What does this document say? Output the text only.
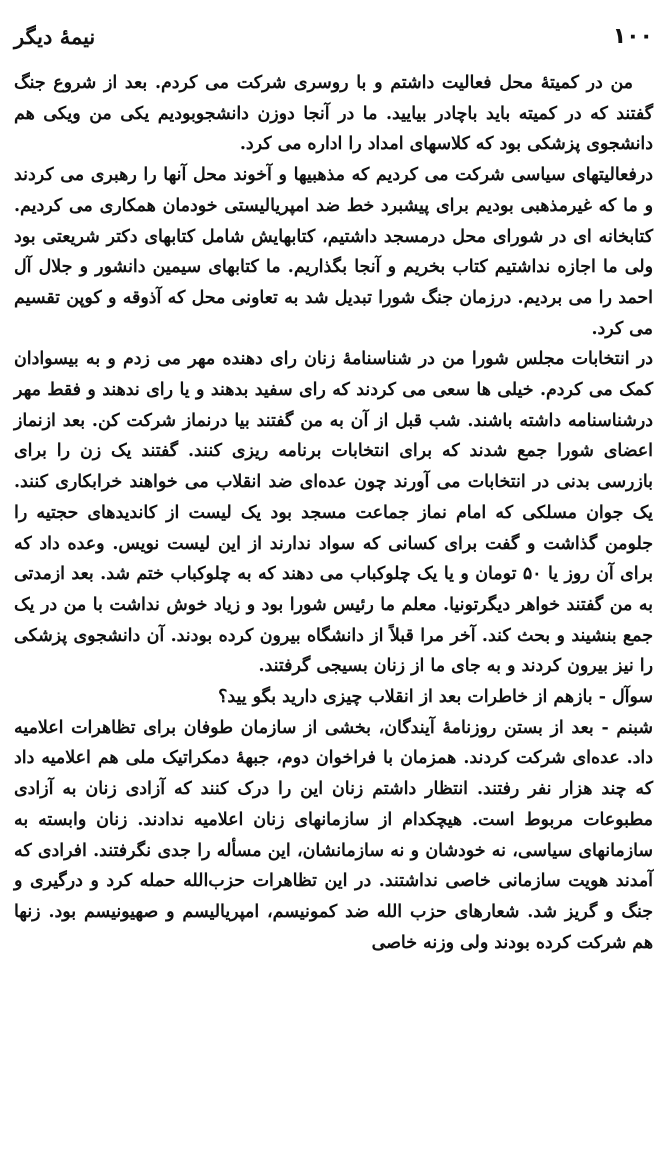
۱۰۰
نیمهٔ دیگر

من در کمیتهٔ محل فعالیت داشتم و با روسری شرکت می کردم. بعد از شروع جنگ گفتند که در کمیته باید باچادر بیایید. ما در آنجا دوزن دانشجوبودیم یکی من ویکی هم دانشجوی پزشکی بود که کلاسهای امداد را اداره می کرد.

درفعالیتهای سیاسی شرکت می کردیم که مذهبیها و آخوند محل آنها را رهبری می کردند و ما که غیرمذهبی بودیم برای پیشبرد خط ضد امپریالیستی خودمان همکاری می کردیم. کتابخانه ای در شورای محل درمسجد داشتیم، کتابهایش شامل کتابهای دکتر شریعتی بود ولی ما اجازه نداشتیم کتاب بخریم و آنجا بگذاریم. ما کتابهای سیمین دانشور و جلال آل احمد را می بردیم. درزمان جنگ شورا تبدیل شد به تعاونی محل که آذوقه و کوپن تقسیم می کرد.

در انتخابات مجلس شورا من در شناسنامهٔ زنان رای دهنده مهر می زدم و به بیسوادان کمک می کردم. خیلی ها سعی می کردند که رای سفید بدهند و یا رای ندهند و فقط مهر درشناسنامه داشته باشند. شب قبل از آن به من گفتند بیا درنماز شرکت کن. بعد ازنماز اعضای شورا جمع شدند که برای انتخابات برنامه ریزی کنند. گفتند یک زن را برای بازرسی بدنی در انتخابات می آورند چون عده‌ای ضد انقلاب می خواهند خرابکاری کنند. یک جوان مسلکی که امام نماز جماعت مسجد بود یک لیست از کاندیدهای حجتیه را جلومن گذاشت و گفت برای کسانی که سواد ندارند از این لیست نویس. وعده داد که برای آن روز یا ۵۰ تومان و یا یک چلوکباب می دهند که به چلوکباب ختم شد. بعد ازمدتی به من گفتند خواهر دیگرتونیا. معلم ما رئیس شورا بود و زیاد خوش نداشت با من در یک جمع بنشیند و بحث کند. آخر مرا قبلاً از دانشگاه بیرون کرده بودند. آن دانشجوی پزشکی را نیز بیرون کردند و به جای ما از زنان بسیجی گرفتند.

سوآل - بازهم از خاطرات بعد از انقلاب چیزی دارید بگو یید؟

شبنم - بعد از بستن روزنامهٔ آیندگان، بخشی از سازمان طوفان برای تظاهرات اعلامیه داد. عده‌ای شرکت کردند. همزمان با فراخوان دوم، جبههٔ دمکراتیک ملی هم اعلامیه داد که چند هزار نفر رفتند. انتظار داشتم زنان این را درک کنند که آزادی زنان به آزادی مطبوعات مربوط است. هیچکدام از سازمانهای زنان اعلامیه ندادند. زنان وابسته به سازمانهای سیاسی، نه خودشان و نه سازمانشان، این مسأله را جدی نگرفتند. افرادی که آمدند هویت سازمانی خاصی نداشتند. در این تظاهرات حزب‌الله حمله کرد و درگیری و جنگ و گریز شد. شعارهای حزب الله ضد کمونیسم، امپریالیسم و صهیونیسم بود. زنها هم شرکت کرده بودند ولی وزنه خاصی
